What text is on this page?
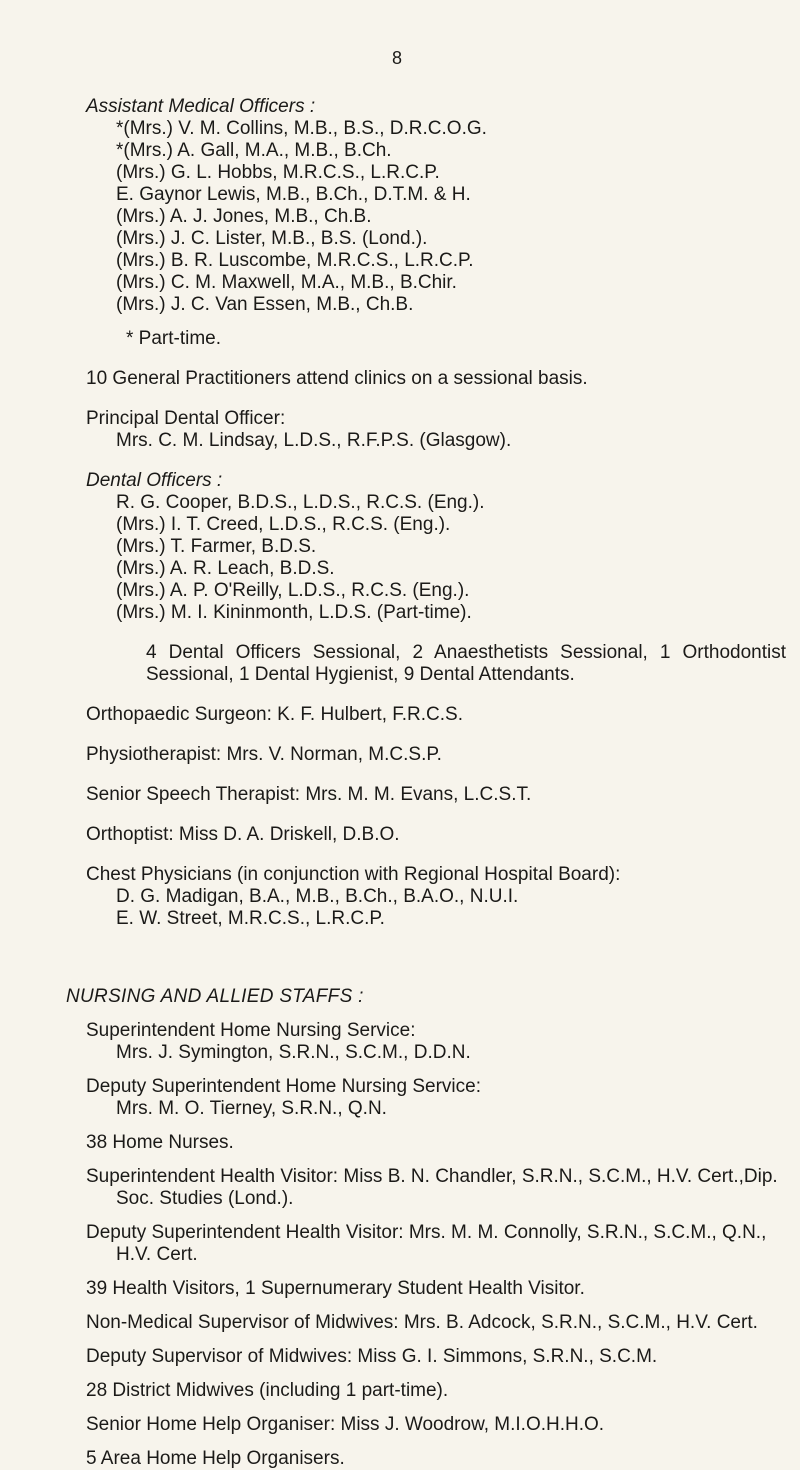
8
Assistant Medical Officers :
*(Mrs.) V. M. Collins, M.B., B.S., D.R.C.O.G.
*(Mrs.) A. Gall, M.A., M.B., B.Ch.
(Mrs.) G. L. Hobbs, M.R.C.S., L.R.C.P.
E. Gaynor Lewis, M.B., B.Ch., D.T.M. & H.
(Mrs.) A. J. Jones, M.B., Ch.B.
(Mrs.) J. C. Lister, M.B., B.S. (Lond.).
(Mrs.) B. R. Luscombe, M.R.C.S., L.R.C.P.
(Mrs.) C. M. Maxwell, M.A., M.B., B.Chir.
(Mrs.) J. C. Van Essen, M.B., Ch.B.
* Part-time.
10 General Practitioners attend clinics on a sessional basis.
Principal Dental Officer:
Mrs. C. M. Lindsay, L.D.S., R.F.P.S. (Glasgow).
Dental Officers :
R. G. Cooper, B.D.S., L.D.S., R.C.S. (Eng.).
(Mrs.) I. T. Creed, L.D.S., R.C.S. (Eng.).
(Mrs.) T. Farmer, B.D.S.
(Mrs.) A. R. Leach, B.D.S.
(Mrs.) A. P. O'Reilly, L.D.S., R.C.S. (Eng.).
(Mrs.) M. I. Kininmonth, L.D.S. (Part-time).
4 Dental Officers Sessional, 2 Anaesthetists Sessional, 1 Orthodontist Sessional, 1 Dental Hygienist, 9 Dental Attendants.
Orthopaedic Surgeon: K. F. Hulbert, F.R.C.S.
Physiotherapist: Mrs. V. Norman, M.C.S.P.
Senior Speech Therapist: Mrs. M. M. Evans, L.C.S.T.
Orthoptist: Miss D. A. Driskell, D.B.O.
Chest Physicians (in conjunction with Regional Hospital Board):
D. G. Madigan, B.A., M.B., B.Ch., B.A.O., N.U.I.
E. W. Street, M.R.C.S., L.R.C.P.
NURSING AND ALLIED STAFFS :
Superintendent Home Nursing Service:
Mrs. J. Symington, S.R.N., S.C.M., D.D.N.
Deputy Superintendent Home Nursing Service:
Mrs. M. O. Tierney, S.R.N., Q.N.
38 Home Nurses.
Superintendent Health Visitor: Miss B. N. Chandler, S.R.N., S.C.M., H.V. Cert.,Dip. Soc. Studies (Lond.).
Deputy Superintendent Health Visitor: Mrs. M. M. Connolly, S.R.N., S.C.M., Q.N., H.V. Cert.
39 Health Visitors, 1 Supernumerary Student Health Visitor.
Non-Medical Supervisor of Midwives: Mrs. B. Adcock, S.R.N., S.C.M., H.V. Cert.
Deputy Supervisor of Midwives: Miss G. I. Simmons, S.R.N., S.C.M.
28 District Midwives (including 1 part-time).
Senior Home Help Organiser: Miss J. Woodrow, M.I.O.H.H.O.
5 Area Home Help Organisers.
